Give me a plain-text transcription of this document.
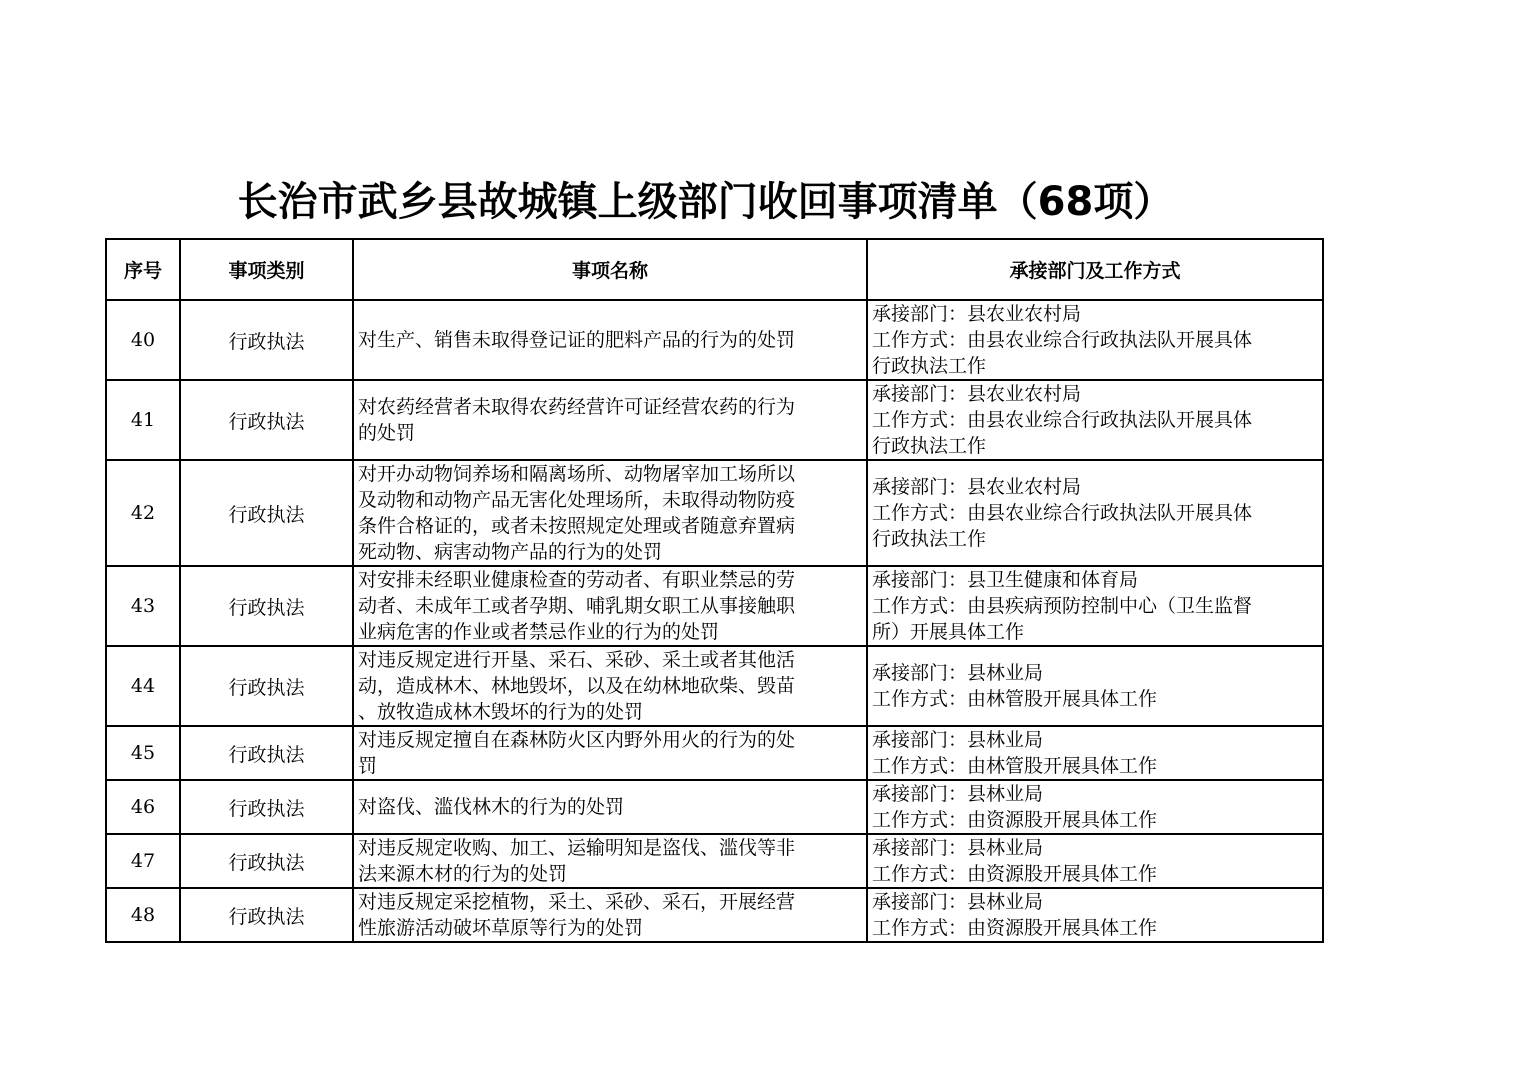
长治市武乡县故城镇上级部门收回事项清单（68项）
序号	事项类别	事项名称	承接部门及工作方式
40	行政执法	对生产、销售未取得登记证的肥料产品的行为的处罚	承接部门：县农业农村局
工作方式：由县农业综合行政执法队开展具体
行政执法工作

41	行政执法	对农药经营者未取得农药经营许可证经营农药的行为
的处罚	承接部门：县农业农村局
工作方式：由县农业综合行政执法队开展具体
行政执法工作

42	行政执法	对开办动物饲养场和隔离场所、动物屠宰加工场所以
及动物和动物产品无害化处理场所，未取得动物防疫
条件合格证的，或者未按照规定处理或者随意弃置病
死动物、病害动物产品的行为的处罚	承接部门：县农业农村局
工作方式：由县农业综合行政执法队开展具体
行政执法工作

43	行政执法	对安排未经职业健康检查的劳动者、有职业禁忌的劳
动者、未成年工或者孕期、哺乳期女职工从事接触职
业病危害的作业或者禁忌作业的行为的处罚	承接部门：县卫生健康和体育局
工作方式：由县疾病预防控制中心（卫生监督
所）开展具体工作

44	行政执法	对违反规定进行开垦、采石、采砂、采土或者其他活
动，造成林木、林地毁坏，以及在幼林地砍柴、毁苗
、放牧造成林木毁坏的行为的处罚	承接部门：县林业局
工作方式：由林管股开展具体工作

45	行政执法	对违反规定擅自在森林防火区内野外用火的行为的处
罚	承接部门：县林业局
工作方式：由林管股开展具体工作

46	行政执法	对盗伐、滥伐林木的行为的处罚	承接部门：县林业局
工作方式：由资源股开展具体工作

47	行政执法	对违反规定收购、加工、运输明知是盗伐、滥伐等非
法来源木材的行为的处罚	承接部门：县林业局
工作方式：由资源股开展具体工作

48	行政执法	对违反规定采挖植物，采土、采砂、采石，开展经营
性旅游活动破坏草原等行为的处罚	承接部门：县林业局
工作方式：由资源股开展具体工作
